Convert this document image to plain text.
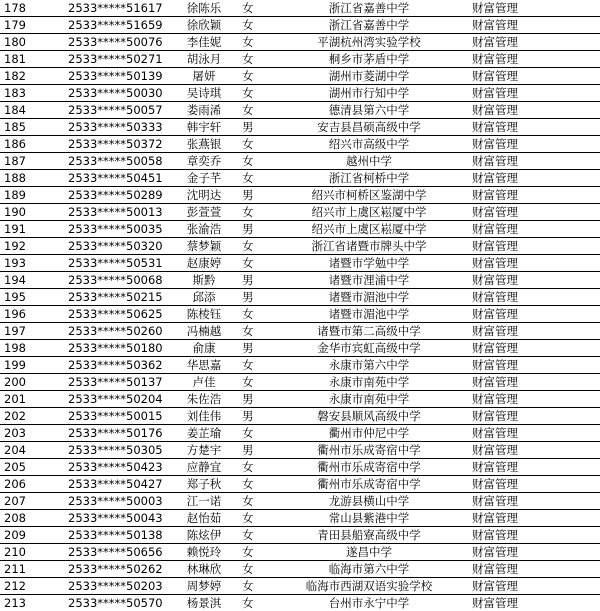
178	2533*****51617	徐陈乐	女	浙江省嘉善中学	财富管理
179	2533*****51659	徐欣颖	女	浙江省嘉善中学	财富管理
180	2533*****50076	李佳妮	女	平湖杭州湾实验学校	财富管理
181	2533*****50271	胡泳月	女	桐乡市茅盾中学	财富管理
182	2533*****50139	屠妍	女	湖州市菱湖中学	财富管理
183	2533*****50030	吴诗琪	女	湖州市行知中学	财富管理
184	2533*****50057	娄雨浠	女	德清县第六中学	财富管理
185	2533*****50333	韩宇轩	男	安吉县昌硕高级中学	财富管理
186	2533*****50372	张燕银	女	绍兴市高级中学	财富管理
187	2533*****50058	章奕乔	女	越州中学	财富管理
188	2533*****50451	金子芊	女	浙江省柯桥中学	财富管理
189	2533*****50289	沈明达	男	绍兴市柯桥区鉴湖中学	财富管理
190	2533*****50013	彭萱萱	女	绍兴市上虞区崧厦中学	财富管理
191	2533*****50035	张渝浩	男	绍兴市上虞区崧厦中学	财富管理
192	2533*****50320	蔡梦颖	女	浙江省诸暨市牌头中学	财富管理
193	2533*****50531	赵康婷	女	诸暨市学勉中学	财富管理
194	2533*****50068	斯黔	男	诸暨市浬浦中学	财富管理
195	2533*****50215	邱添	男	诸暨市湄池中学	财富管理
196	2533*****50625	陈棱钰	女	诸暨市湄池中学	财富管理
197	2533*****50260	冯楠越	女	诸暨市第二高级中学	财富管理
198	2533*****50180	俞康	男	金华市宾虹高级中学	财富管理
199	2533*****50362	华思嘉	女	永康市第六中学	财富管理
200	2533*****50137	卢佳	女	永康市南苑中学	财富管理
201	2533*****50204	朱佐浩	男	永康市南苑中学	财富管理
202	2533*****50015	刘佳伟	男	磐安县顺风高级中学	财富管理
203	2533*****50176	姜芷瑜	女	衢州市仲尼中学	财富管理
204	2533*****50305	方楚宇	男	衢州市乐成寄宿中学	财富管理
205	2533*****50423	应静宜	女	衢州市乐成寄宿中学	财富管理
206	2533*****50427	郑子秋	女	衢州市乐成寄宿中学	财富管理
207	2533*****50003	江一诺	女	龙游县横山中学	财富管理
208	2533*****50043	赵怡茹	女	常山县紫港中学	财富管理
209	2533*****50138	陈炫伊	女	青田县船寮高级中学	财富管理
210	2533*****50656	赖悦玲	女	遂昌中学	财富管理
211	2533*****50262	林琳欣	女	临海市第六中学	财富管理
212	2533*****50203	周梦婷	女	临海市西湖双语实验学校	财富管理
213	2533*****50570	杨景淇	女	台州市永宁中学	财富管理
